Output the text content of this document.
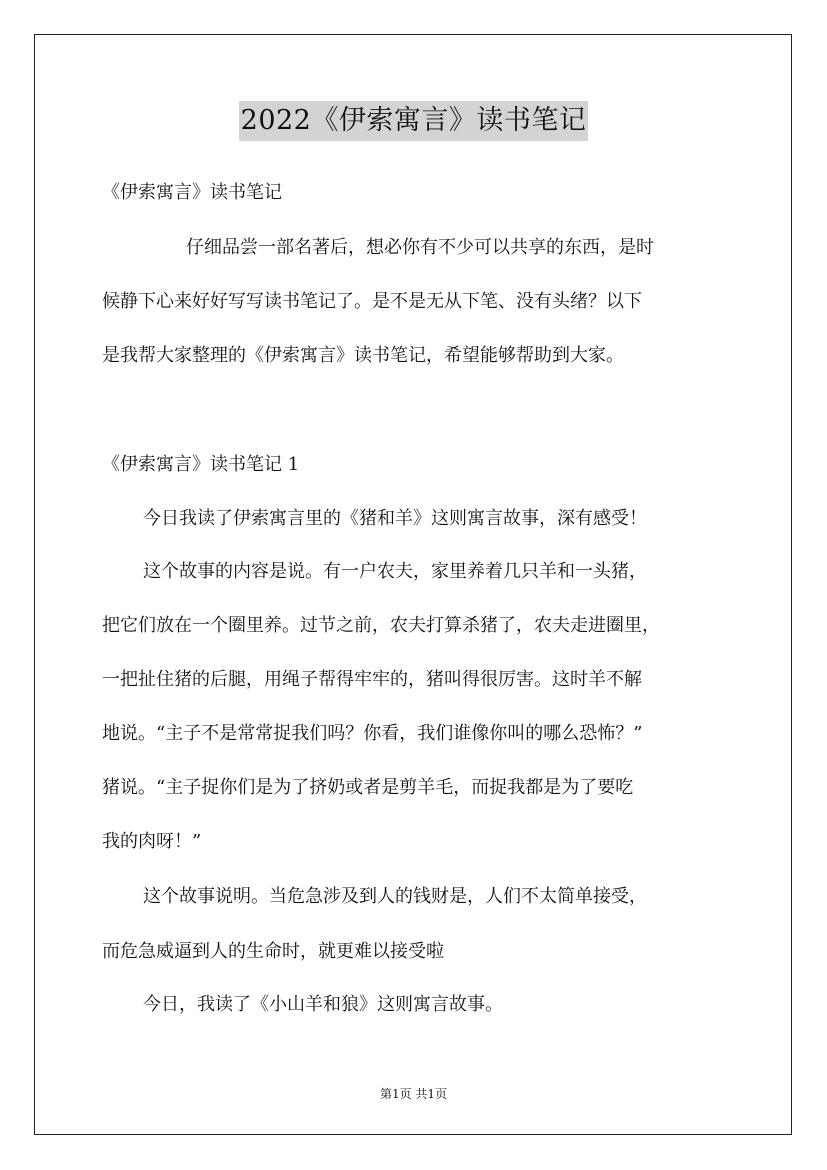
2022《伊索寓言》读书笔记
《伊索寓言》读书笔记
仔细品尝一部名著后，想必你有不少可以共享的东西，是时
候静下心来好好写写读书笔记了。是不是无从下笔、没有头绪？以下
是我帮大家整理的《伊索寓言》读书笔记，希望能够帮助到大家。
《伊索寓言》读书笔记 1
今日我读了伊索寓言里的《猪和羊》这则寓言故事，深有感受！
这个故事的内容是说。有一户农夫，家里养着几只羊和一头猪，
把它们放在一个圈里养。过节之前，农夫打算杀猪了，农夫走进圈里，
一把扯住猪的后腿，用绳子帮得牢牢的，猪叫得很厉害。这时羊不解
地说。“主子不是常常捉我们吗？你看，我们谁像你叫的哪么恐怖？”
猪说。“主子捉你们是为了挤奶或者是剪羊毛，而捉我都是为了要吃
我的肉呀！”
这个故事说明。当危急涉及到人的钱财是，人们不太简单接受，
而危急威逼到人的生命时，就更难以接受啦
今日，我读了《小山羊和狼》这则寓言故事。
第1页 共1页
